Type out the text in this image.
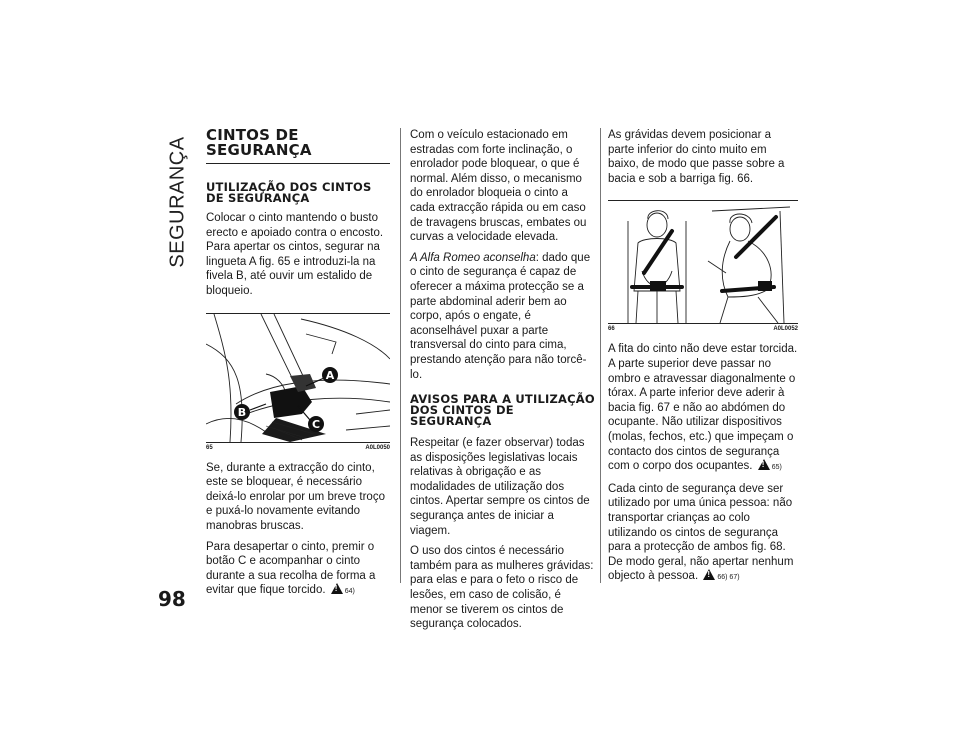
SEGURANÇA
CINTOS DE SEGURANÇA
UTILIZAÇÃO DOS CINTOS DE SEGURANÇA

Colocar o cinto mantendo o busto erecto e apoiado contra o encosto. Para apertar os cintos, segurar na lingueta A fig. 65 e introduzi-la na fivela B, até ouvir um estalido de bloqueio.

A
B
C
65	A0L0050

Se, durante a extracção do cinto, este se bloquear, é necessário deixá-lo enrolar por um breve troço e puxá-lo novamente evitando manobras bruscas.

Para desapertar o cinto, premir o botão C e acompanhar o cinto durante a sua recolha de forma a evitar que fique torcido. !	64)

Com o veículo estacionado em estradas com forte inclinação, o enrolador pode bloquear, o que é normal. Além disso, o mecanismo do enrolador bloqueia o cinto a cada extracção rápida ou em caso de travagens bruscas, embates ou curvas a velocidade elevada.

A Alfa Romeo aconselha: dado que o cinto de segurança é capaz de oferecer a máxima protecção se a parte abdominal aderir bem ao corpo, após o engate, é aconselhável puxar a parte transversal do cinto para cima, prestando atenção para não torcê-lo.

AVISOS PARA A UTILIZAÇÃO DOS CINTOS DE SEGURANÇA

Respeitar (e fazer observar) todas as disposições legislativas locais relativas à obrigação e as modalidades de utilização dos cintos. Apertar sempre os cintos de segurança antes de iniciar a viagem.

O uso dos cintos é necessário também para as mulheres grávidas: para elas e para o feto o risco de lesões, em caso de colisão, é menor se tiverem os cintos de segurança colocados.

As grávidas devem posicionar a parte inferior do cinto muito em baixo, de modo que passe sobre a bacia e sob a barriga fig. 66.

66	A0L0052

A fita do cinto não deve estar torcida. A parte superior deve passar no ombro e atravessar diagonalmente o tórax. A parte inferior deve aderir à bacia fig. 67 e não ao abdómen do ocupante. Não utilizar dispositivos (molas, fechos, etc.) que impeçam o contacto dos cintos de segurança com o corpo dos ocupantes. !	65)

Cada cinto de segurança deve ser utilizado por uma única pessoa: não transportar crianças ao colo utilizando os cintos de segurança para a protecção de ambos fig. 68. De modo geral, não apertar nenhum objecto à pessoa. !	66) 67)

98
